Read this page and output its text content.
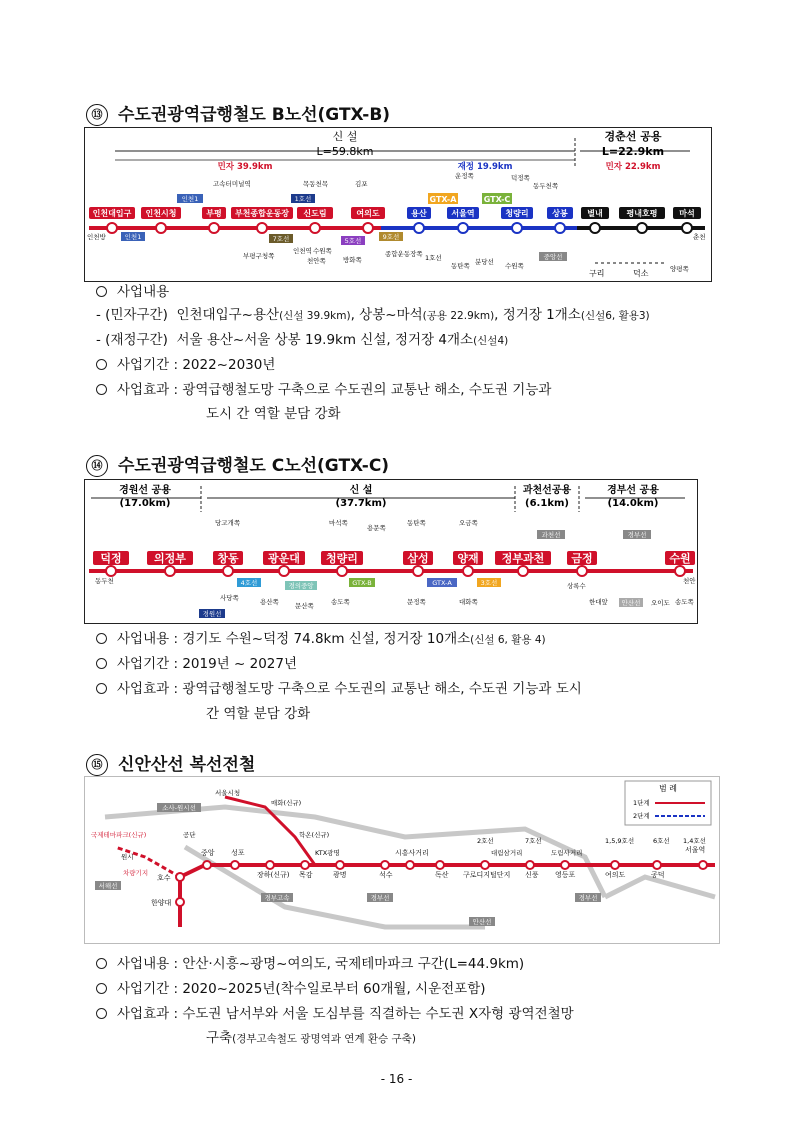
⑬ 수도권광역급행철도 B노선(GTX-B)
신 설
L=59.8km
경춘선 공용
L=22.9km
민자 39.9km	재정 19.9km	민자 22.9km
인천대입구 인천시청	부평 부천종합운동장 신도림	여의도	용산	서울역	청량리	상봉 별내	평내호평	마석
인천방	춘천
고속터미널역	목동천목	김포
인천1	1호선	GTX-A	GTX-C
운정쪽	덕정쪽
동두천쪽
인천1	7호선
부평구청쪽
인천역 수원쪽
천안쪽
5호선	9호선
방화쪽
종합운동장쪽 1호선
동탄쪽 분당선 수원쪽
중앙선
구리	덕소	양평쪽
사업내용
- (민자구간) 인천대입구~용산(신설 39.9km), 상봉~마석(공용 22.9km), 정거장 1개소(신설6, 활용3)
- (재정구간) 서울 용산~서울 상봉 19.9km 신설, 정거장 4개소(신설4)
사업기간 : 2022~2030년
사업효과 : 광역급행철도망 구축으로 수도권의 교통난 해소, 수도권 기능과
도시 간 역할 분담 강화
⑭ 수도권광역급행철도 C노선(GTX-C)
경원선 공용
(17.0km)
신 설
(37.7km)
과천선공용
(6.1km)
경부선 공용
(14.0km)
덕정	의정부	창동	광운대 청량리	삼성	양재 정부과천 금정	수원
동두천
당고개쪽
4호선
사당쪽
경의중앙	GTX-B
마석쪽
용문쪽
송도쪽
문산쪽
동탄쪽
GTX-A
문정쪽
오금쪽
3호선
대화쪽
과천선	경부선
상록수
한대앞 안산선 오이도 송도쪽
천안
용산쪽
경원선
사업내용 : 경기도 수원~덕정 74.8km 신설, 정거장 10개소(신설 6, 활용 4)
사업기간 : 2019년 ~ 2027년
사업효과 : 광역급행철도망 구축으로 수도권의 교통난 해소, 수도권 기능과 도시
간 역할 분담 강화
⑮ 신안산선 복선전철
범 례
1단계
2단계
한양대
호수
중앙 성포
장하(신규) 목감	광명	석수
시흥사거리
독산 구로디지털단지 신풍 영등포	여의도	공덕
서울역
서울시청
매화(신규)
학온(신규)
KTX광명
소사-원시선
공단
국제테마파크(신규)
원시
차량기지
서해선
경부고속	경부선	경부선
안산선
2호선
대림삼거리
7호선
도림사거리
1,5,9호선	6호선 1,4호선
사업내용 : 안산·시흥~광명~여의도, 국제테마파크 구간(L=44.9km)
사업기간 : 2020~2025년(착수일로부터 60개월, 시운전포함)
사업효과 : 수도권 남서부와 서울 도심부를 직결하는 수도권 X자형 광역전철망
구축(경부고속철도 광명역과 연계 환승 구축)
- 16 -
